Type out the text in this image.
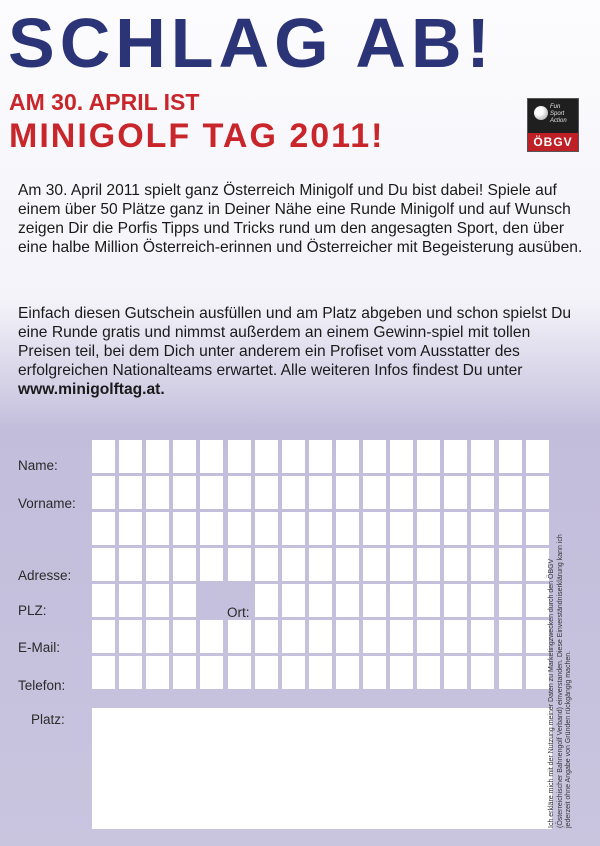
SCHLAG AB!
AM 30. APRIL IST
MINIGOLF TAG 2011!
Fun
Sport
Action
ÖBGV

Am 30. April 2011 spielt ganz Österreich Minigolf und Du bist dabei! Spiele auf einem über 50 Plätze ganz in Deiner Nähe eine Runde Minigolf und auf Wunsch zeigen Dir die Porfis Tipps und Tricks rund um den angesagten Sport, den über eine halbe Million Österreich-erinnen und Österreicher mit Begeisterung ausüben.

Einfach diesen Gutschein ausfüllen und am Platz abgeben und schon spielst Du eine Runde gratis und nimmst außerdem an einem Gewinn-spiel mit tollen Preisen teil, bei dem Dich unter anderem ein Profiset vom Ausstatter des erfolgreichen Nationalteams erwartet. Alle weiteren Infos findest Du unter www.minigolftag.at.

Name:
Vorname:
Adresse:
PLZ:	Ort:
E-Mail:
Telefon:
Platz:	Ich erkläre mich mit der Nutzung meiner Daten zu Marketingzwecken durch den ÖBGV (Österreichischer Bahnengolf Verband) einverstanden. Diese Einverständniserklärung kann ich jederzeit ohne Angabe von Gründen rückgängig machen.
